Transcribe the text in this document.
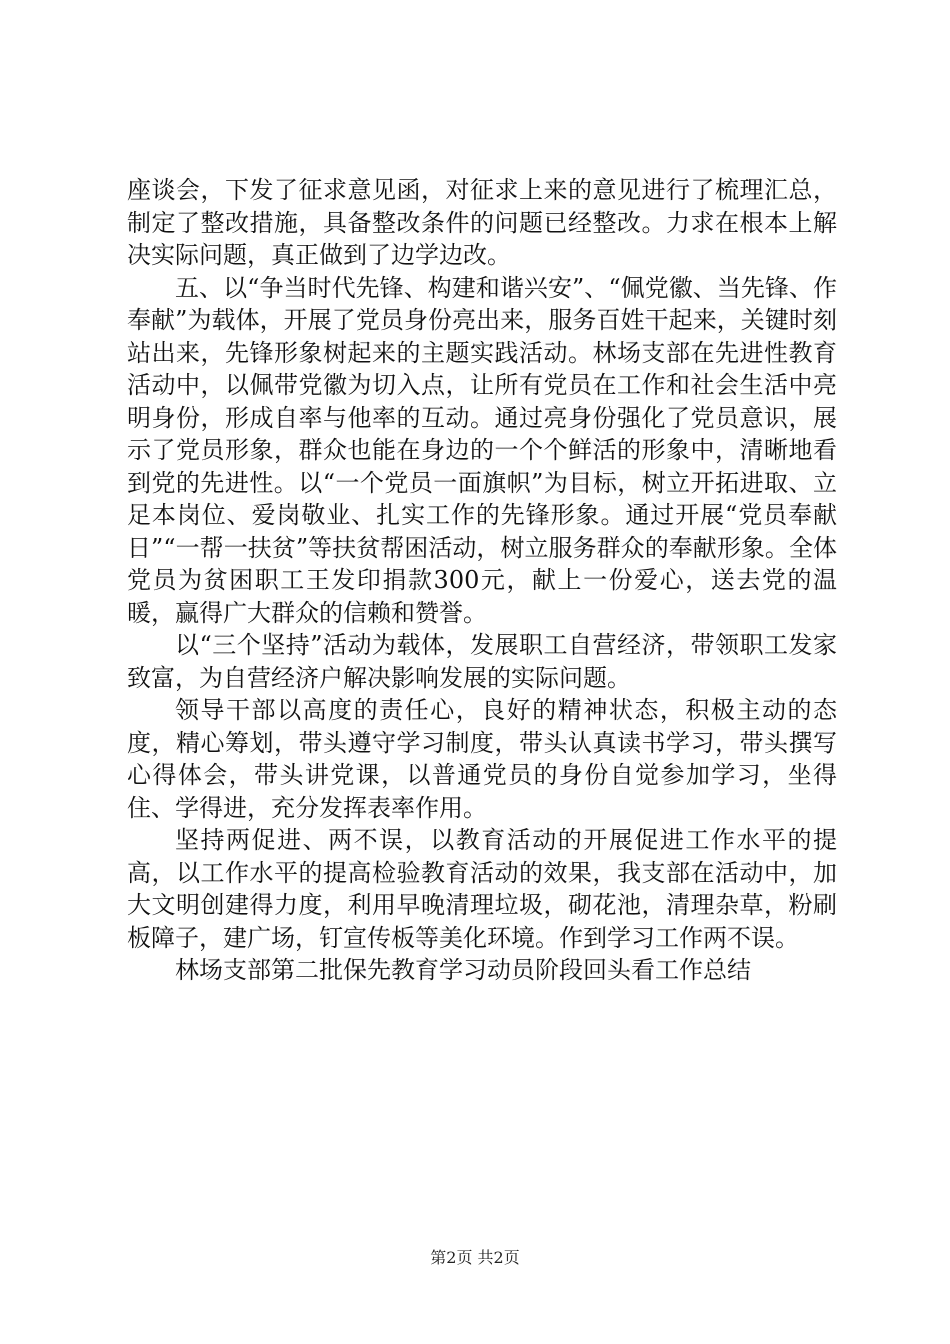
座谈会，下发了征求意见函，对征求上来的意见进行了梳理汇总，制定了整改措施，具备整改条件的问题已经整改。力求在根本上解决实际问题，真正做到了边学边改。

五、以“争当时代先锋、构建和谐兴安”、“佩党徽、当先锋、作奉献”为载体，开展了党员身份亮出来，服务百姓干起来，关键时刻站出来，先锋形象树起来的主题实践活动。林场支部在先进性教育活动中，以佩带党徽为切入点，让所有党员在工作和社会生活中亮明身份，形成自率与他率的互动。通过亮身份强化了党员意识，展示了党员形象，群众也能在身边的一个个鲜活的形象中，清晰地看到党的先进性。以“一个党员一面旗帜”为目标，树立开拓进取、立足本岗位、爱岗敬业、扎实工作的先锋形象。通过开展“党员奉献日”“一帮一扶贫”等扶贫帮困活动，树立服务群众的奉献形象。全体党员为贫困职工王发印捐款300元，献上一份爱心，送去党的温暖，赢得广大群众的信赖和赞誉。

以“三个坚持”活动为载体，发展职工自营经济，带领职工发家致富，为自营经济户解决影响发展的实际问题。

领导干部以高度的责任心，良好的精神状态，积极主动的态度，精心筹划，带头遵守学习制度，带头认真读书学习，带头撰写心得体会，带头讲党课，以普通党员的身份自觉参加学习，坐得住、学得进，充分发挥表率作用。

坚持两促进、两不误，以教育活动的开展促进工作水平的提高，以工作水平的提高检验教育活动的效果，我支部在活动中，加大文明创建得力度，利用早晚清理垃圾，砌花池，清理杂草，粉刷板障子，建广场，钉宣传板等美化环境。作到学习工作两不误。

林场支部第二批保先教育学习动员阶段回头看工作总结

第2页 共2页
